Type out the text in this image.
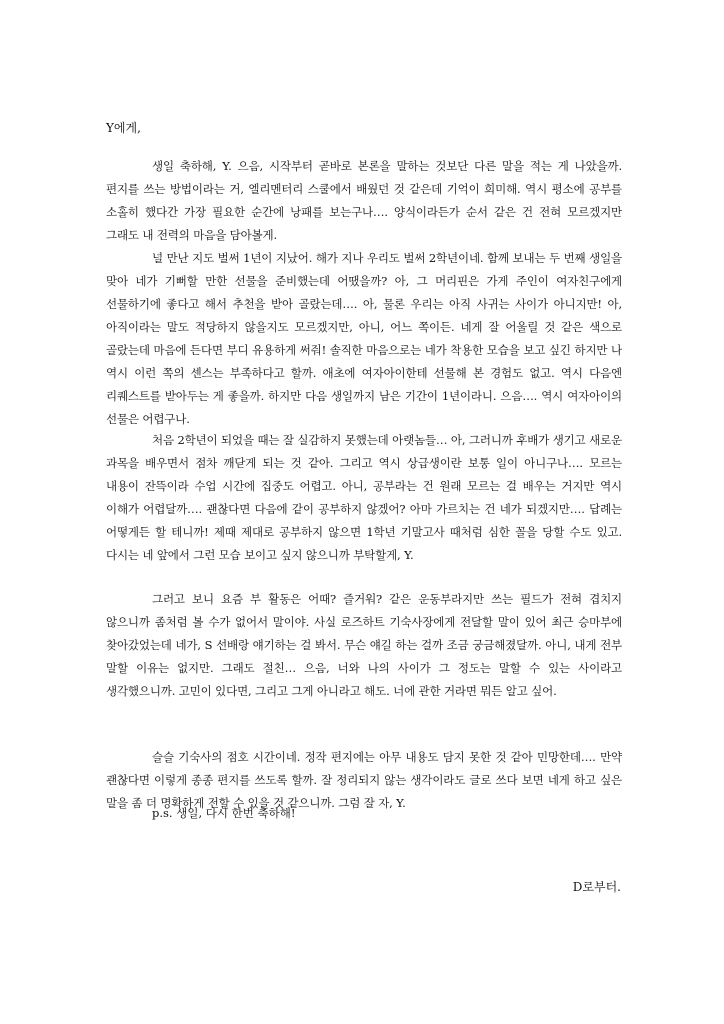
Y에게,

생일 축하해, Y. 으음, 시작부터 곧바로 본론을 말하는 것보단 다른 말을 적는 게 나았을까. 편지를 쓰는 방법이라는 거, 엘리멘터리 스쿨에서 배웠던 것 같은데 기억이 희미해. 역시 평소에 공부를 소홀히 했다간 가장 필요한 순간에 낭패를 보는구나…. 양식이라든가 순서 같은 건 전혀 모르겠지만 그래도 내 전력의 마음을 담아볼게.

널 만난 지도 벌써 1년이 지났어. 해가 지나 우리도 벌써 2학년이네. 함께 보내는 두 번째 생일을 맞아 네가 기뻐할 만한 선물을 준비했는데 어땠을까? 아, 그 머리핀은 가게 주인이 여자친구에게 선물하기에 좋다고 해서 추천을 받아 골랐는데…. 아, 물론 우리는 아직 사귀는 사이가 아니지만! 아, 아직이라는 말도 적당하지 않을지도 모르겠지만, 아니, 어느 쪽이든. 네게 잘 어울릴 것 같은 색으로 골랐는데 마음에 든다면 부디 유용하게 써줘! 솔직한 마음으로는 네가 착용한 모습을 보고 싶긴 하지만 나 역시 이런 쪽의 센스는 부족하다고 할까. 애초에 여자아이한테 선물해 본 경험도 없고. 역시 다음엔 리퀘스트를 받아두는 게 좋을까. 하지만 다음 생일까지 남은 기간이 1년이라니. 으음…. 역시 여자아이의 선물은 어렵구나.

처음 2학년이 되었을 때는 잘 실감하지 못했는데 아랫놈들… 아, 그러니까 후배가 생기고 새로운 과목을 배우면서 점차 깨닫게 되는 것 같아. 그리고 역시 상급생이란 보통 일이 아니구나…. 모르는 내용이 잔뜩이라 수업 시간에 집중도 어렵고. 아니, 공부라는 건 원래 모르는 걸 배우는 거지만 역시 이해가 어렵달까…. 괜찮다면 다음에 같이 공부하지 않겠어? 아마 가르치는 건 네가 되겠지만…. 답례는 어떻게든 할 테니까! 제때 제대로 공부하지 않으면 1학년 기말고사 때처럼 심한 꼴을 당할 수도 있고. 다시는 네 앞에서 그런 모습 보이고 싶지 않으니까 부탁할게, Y.

그러고 보니 요즘 부 활동은 어때? 즐거워? 같은 운동부라지만 쓰는 필드가 전혀 겹치지 않으니까 좀처럼 볼 수가 없어서 말이야. 사실 로즈하트 기숙사장에게 전달할 말이 있어 최근 승마부에 찾아갔었는데 네가, S 선배랑 얘기하는 걸 봐서. 무슨 얘길 하는 걸까 조금 궁금해졌달까. 아니, 내게 전부 말할 이유는 없지만. 그래도 절친… 으음, 너와 나의 사이가 그 정도는 말할 수 있는 사이라고 생각했으니까. 고민이 있다면, 그리고 그게 아니라고 해도. 너에 관한 거라면 뭐든 알고 싶어.

슬슬 기숙사의 점호 시간이네. 정작 편지에는 아무 내용도 담지 못한 것 같아 민망한데…. 만약 괜찮다면 이렇게 종종 편지를 쓰도록 할까. 잘 정리되지 않는 생각이라도 글로 쓰다 보면 네게 하고 싶은 말을 좀 더 명확하게 전할 수 있을 것 같으니까. 그럼 잘 자, Y.

p.s. 생일, 다시 한번 축하해!

D로부터.
